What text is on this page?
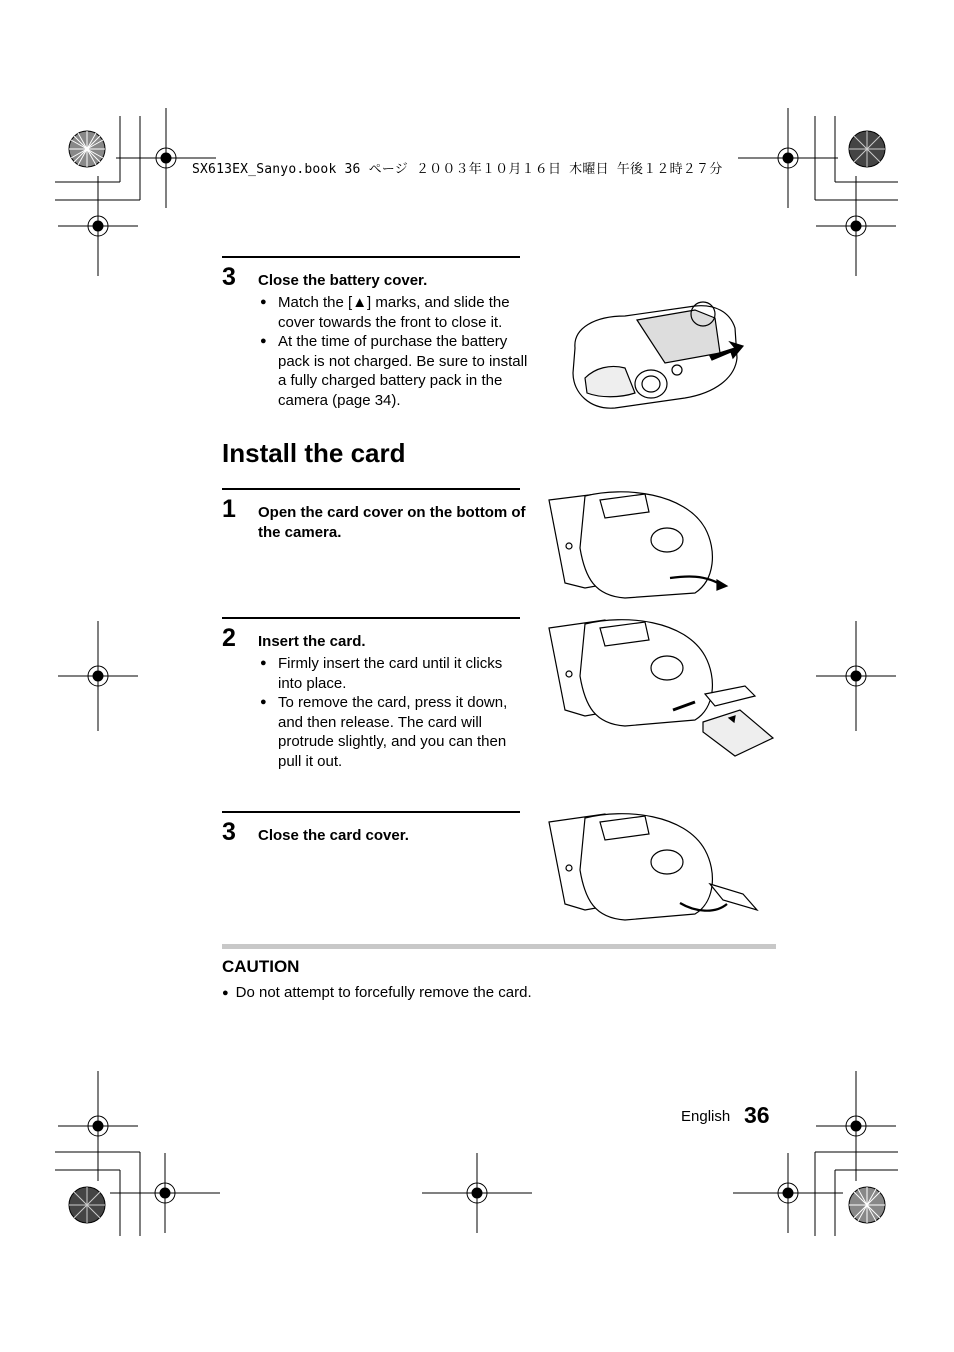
SX613EX_Sanyo.book 36 ページ ２００３年１０月１６日 木曜日 午後１２時２７分
3 Close the battery cover.
● Match the [▲] marks, and slide the cover towards the front to close it.
● At the time of purchase the battery pack is not charged. Be sure to install a fully charged battery pack in the camera (page 34).
Install the card
1 Open the card cover on the bottom of the camera.
2 Insert the card.
● Firmly insert the card until it clicks into place.
● To remove the card, press it down, and then release. The card will protrude slightly, and you can then pull it out.
3 Close the card cover.
CAUTION
● Do not attempt to forcefully remove the card.
English 36
